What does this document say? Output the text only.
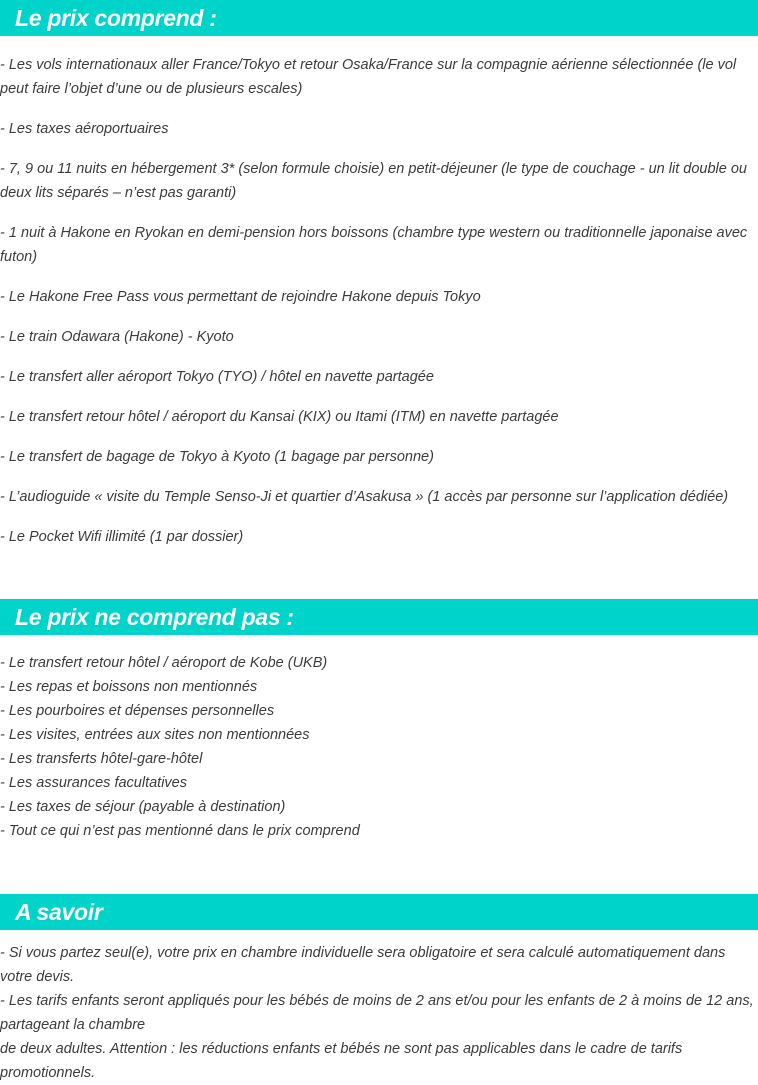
Le prix comprend :

- Les vols internationaux aller France/Tokyo et retour Osaka/France sur la compagnie aérienne sélectionnée (le vol peut faire l’objet d’une ou de plusieurs escales)

- Les taxes aéroportuaires

- 7, 9 ou 11 nuits en hébergement 3* (selon formule choisie) en petit-déjeuner (le type de couchage - un lit double ou deux lits séparés – n’est pas garanti)

- 1 nuit à Hakone en Ryokan en demi-pension hors boissons (chambre type western ou traditionnelle japonaise avec futon)

- Le Hakone Free Pass vous permettant de rejoindre Hakone depuis Tokyo

- Le train Odawara (Hakone) - Kyoto

- Le transfert aller aéroport Tokyo (TYO) / hôtel en navette partagée

- Le transfert retour hôtel / aéroport du Kansai (KIX) ou Itami (ITM) en navette partagée

- Le transfert de bagage de Tokyo à Kyoto (1 bagage par personne)

- L’audioguide « visite du Temple Senso-Ji et quartier d’Asakusa » (1 accès par personne sur l’application dédiée)

- Le Pocket Wifi illimité (1 par dossier)

Le prix ne comprend pas :

- Le transfert retour hôtel / aéroport de Kobe (UKB)

- Les repas et boissons non mentionnés

- Les pourboires et dépenses personnelles

- Les visites, entrées aux sites non mentionnées

- Les transferts hôtel-gare-hôtel

- Les assurances facultatives

- Les taxes de séjour (payable à destination)

- Tout ce qui n’est pas mentionné dans le prix comprend

A savoir

- Si vous partez seul(e), votre prix en chambre individuelle sera obligatoire et sera calculé automatiquement dans votre devis.

- Les tarifs enfants seront appliqués pour les bébés de moins de 2 ans et/ou pour les enfants de 2 à moins de 12 ans, partageant la chambre

de deux adultes. Attention : les réductions enfants et bébés ne sont pas applicables dans le cadre de tarifs promotionnels.
